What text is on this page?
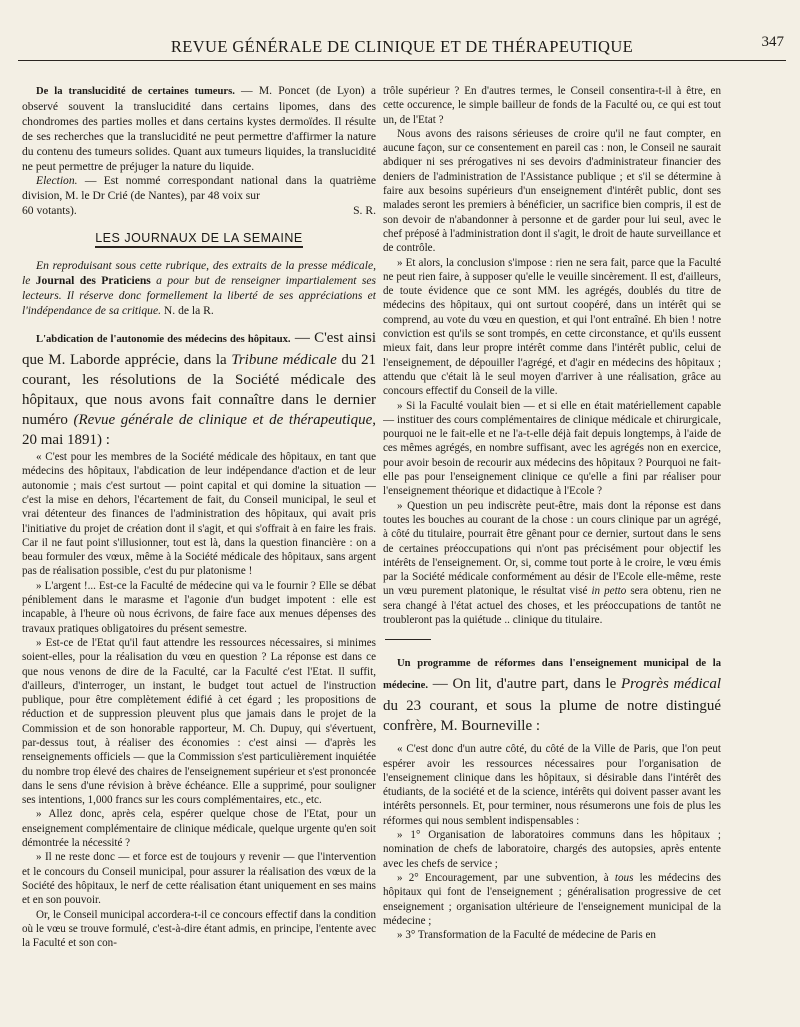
REVUE GÉNÉRALE DE CLINIQUE ET DE THÉRAPEUTIQUE	347

De la translucidité de certaines tumeurs. — M. Poncet (de Lyon) a observé souvent la translucidité dans certains lipomes, dans des chondromes des parties molles et dans certains kystes dermoïdes. Il résulte de ses recherches que la translucidité ne peut permettre d'affirmer la nature du contenu des tumeurs solides. Quant aux tumeurs liquides, la translucidité ne peut permettre de préjuger la nature du liquide.

Election. — Est nommé correspondant national dans la quatrième division, M. le Dr Crié (de Nantes), par 48 voix sur

60 votants).	S. R.
LES JOURNAUX DE LA SEMAINE

En reproduisant sous cette rubrique, des extraits de la presse médicale, le Journal des Praticiens a pour but de renseigner impartialement ses lecteurs. Il réserve donc formellement la liberté de ses appréciations et l'indépendance de sa critique. N. de la R.

L'abdication de l'autonomie des médecins des hôpitaux. — C'est ainsi que M. Laborde apprécie, dans la Tribune médicale du 21 courant, les résolutions de la Société médicale des hôpitaux, que nous avons fait connaître dans le dernier numéro (Revue générale de clinique et de thérapeutique, 20 mai 1891) :

« C'est pour les membres de la Société médicale des hôpitaux, en tant que médecins des hôpitaux, l'abdication de leur indépendance d'action et de leur autonomie ; mais c'est surtout — point capital et qui domine la situation — c'est la mise en dehors, l'écartement de fait, du Conseil municipal, le seul et vrai détenteur des finances de l'administration des hôpitaux, qui avait pris l'initiative du projet de création dont il s'agit, et qui s'offrait à en faire les frais. Car il ne faut point s'illusionner, tout est là, dans la question financière : on a beau formuler des vœux, même à la Société médicale des hôpitaux, sans argent pas de réalisation possible, c'est du pur platonisme !

» L'argent !... Est-ce la Faculté de médecine qui va le fournir ? Elle se débat péniblement dans le marasme et l'agonie d'un budget impotent : elle est incapable, à l'heure où nous écrivons, de faire face aux menues dépenses des travaux pratiques obligatoires du présent semestre.

» Est-ce de l'Etat qu'il faut attendre les ressources nécessaires, si minimes soient-elles, pour la réalisation du vœu en question ? La réponse est dans ce que nous venons de dire de la Faculté, car la Faculté c'est l'Etat. Il suffit, d'ailleurs, d'interroger, un instant, le budget tout actuel de l'instruction publique, pour être complètement édifié à cet égard ; les propositions de réduction et de suppression pleuvent plus que jamais dans le projet de la Commission et de son honorable rapporteur, M. Ch. Dupuy, qui s'évertuent, par-dessus tout, à réaliser des économies : c'est ainsi — d'après les renseignements officiels — que la Commission s'est particulièrement inquiétée du nombre trop élevé des chaires de l'enseignement supérieur et s'est prononcée dans le sens d'une révision à brève échéance. Elle a supprimé, pour souligner ses intentions, 1,000 francs sur les cours complémentaires, etc., etc.

» Allez donc, après cela, espérer quelque chose de l'Etat, pour un enseignement complémentaire de clinique médicale, quelque urgente qu'en soit démontrée la nécessité ?

» Il ne reste donc — et force est de toujours y revenir — que l'intervention et le concours du Conseil municipal, pour assurer la réalisation des vœux de la Société des hôpitaux, le nerf de cette réalisation étant uniquement en ses mains et en son pouvoir.

Or, le Conseil municipal accordera-t-il ce concours effectif dans la condition où le vœu se trouve formulé, c'est-à-dire étant admis, en principe, l'entente avec la Faculté et son con-

trôle supérieur ? En d'autres termes, le Conseil consentira-t-il à être, en cette occurence, le simple bailleur de fonds de la Faculté ou, ce qui est tout un, de l'Etat ?

Nous avons des raisons sérieuses de croire qu'il ne faut compter, en aucune façon, sur ce consentement en pareil cas : non, le Conseil ne saurait abdiquer ni ses prérogatives ni ses devoirs d'administrateur financier des deniers de l'administration de l'Assistance publique ; et s'il se détermine à faire aux besoins supérieurs d'un enseignement d'intérêt public, dont ses malades seront les premiers à bénéficier, un sacrifice bien compris, il est de son devoir de n'abandonner à personne et de garder pour lui seul, avec le chef préposé à l'administration dont il s'agit, le droit de haute surveillance et de contrôle.

» Et alors, la conclusion s'impose : rien ne sera fait, parce que la Faculté ne peut rien faire, à supposer qu'elle le veuille sincèrement. Il est, d'ailleurs, de toute évidence que ce sont MM. les agrégés, doublés du titre de médecins des hôpitaux, qui ont surtout coopéré, dans un intérêt qui se comprend, au vote du vœu en question, et qui l'ont entraîné. Eh bien ! notre conviction est qu'ils se sont trompés, en cette circonstance, et qu'ils eussent mieux fait, dans leur propre intérêt comme dans l'intérêt public, celui de l'enseignement, de dépouiller l'agrégé, et d'agir en médecins des hôpitaux ; attendu que c'était là le seul moyen d'arriver à une réalisation, grâce au concours effectif du Conseil de la ville.

» Si la Faculté voulait bien — et si elle en était matériellement capable — instituer des cours complémentaires de clinique médicale et chirurgicale, pourquoi ne le fait-elle et ne l'a-t-elle déjà fait depuis longtemps, à l'aide de ces mêmes agrégés, en nombre suffisant, avec les agrégés non en exercice, pour avoir besoin de recourir aux médecins des hôpitaux ? Pourquoi ne fait-elle pas pour l'enseignement clinique ce qu'elle a fini par réaliser pour l'enseignement théorique et didactique à l'Ecole ?

» Question un peu indiscrète peut-être, mais dont la réponse est dans toutes les bouches au courant de la chose : un cours clinique par un agrégé, à côté du titulaire, pourrait être gênant pour ce dernier, surtout dans le sens de certaines préoccupations qui n'ont pas précisément pour objectif les intérêts de l'enseignement. Or, si, comme tout porte à le croire, le vœu émis par la Société médicale conformément au désir de l'Ecole elle-même, reste un vœu purement platonique, le résultat visé in petto sera obtenu, rien ne sera changé à l'état actuel des choses, et les préoccupations de tantôt ne troubleront pas la quiétude .. clinique du titulaire.

Un programme de réformes dans l'enseignement municipal de la médecine. — On lit, d'autre part, dans le Progrès médical du 23 courant, et sous la plume de notre distingué confrère, M. Bourneville :

« C'est donc d'un autre côté, du côté de la Ville de Paris, que l'on peut espérer avoir les ressources nécessaires pour l'organisation de l'enseignement clinique dans les hôpitaux, si désirable dans l'intérêt des étudiants, de la société et de la science, intérêts qui doivent passer avant les intérêts personnels. Et, pour terminer, nous résumerons une fois de plus les réformes qui nous semblent indispensables :

» 1° Organisation de laboratoires communs dans les hôpitaux ; nomination de chefs de laboratoire, chargés des autopsies, après entente avec les chefs de service ;

» 2° Encouragement, par une subvention, à tous les médecins des hôpitaux qui font de l'enseignement ; généralisation progressive de cet enseignement ; organisation ultérieure de l'enseignement municipal de la médecine ;

» 3° Transformation de la Faculté de médecine de Paris en
